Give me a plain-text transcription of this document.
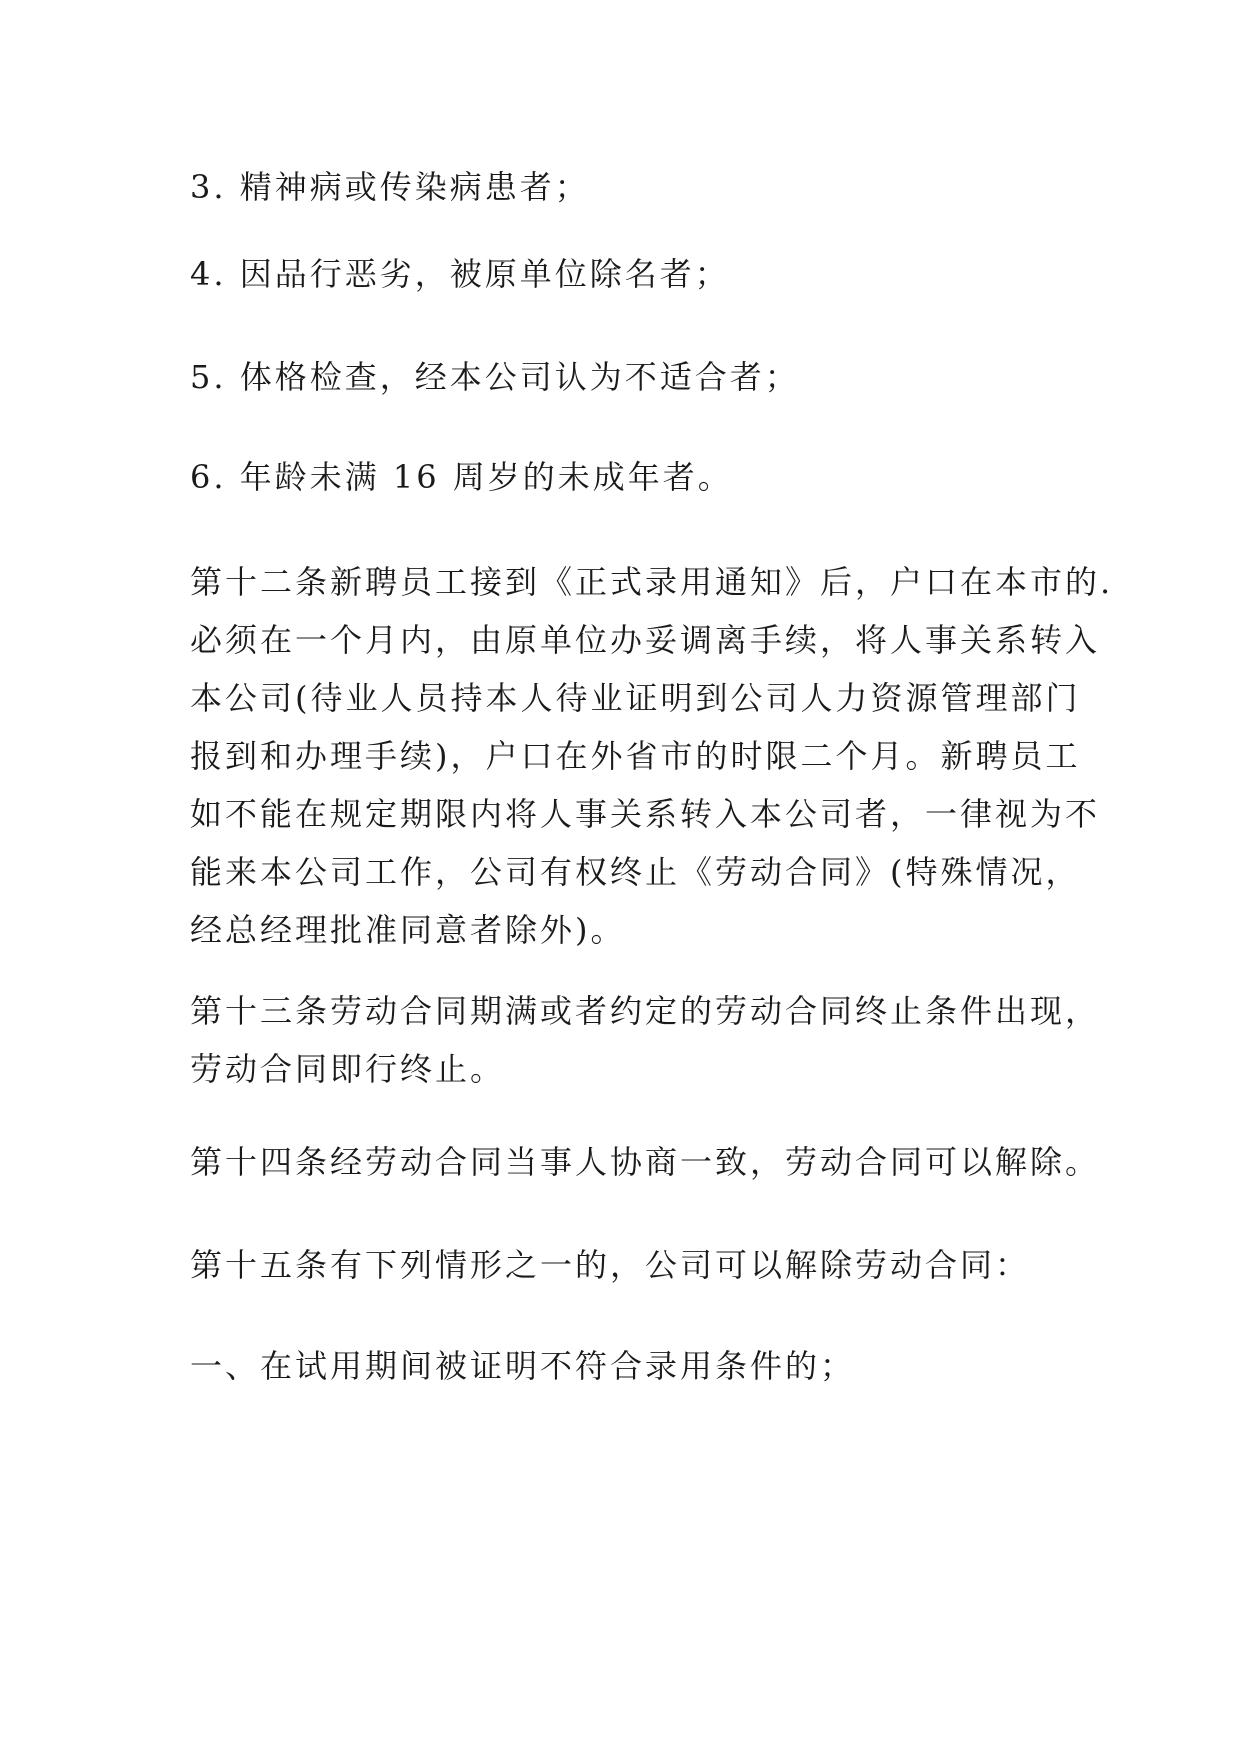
3. 精神病或传染病患者；

4. 因品行恶劣，被原单位除名者；

5. 体格检查，经本公司认为不适合者；

6. 年龄未满 16 周岁的未成年者。

第十二条新聘员工接到《正式录用通知》后，户口在本市的.
必须在一个月内，由原单位办妥调离手续，将人事关系转入
本公司(待业人员持本人待业证明到公司人力资源管理部门
报到和办理手续)，户口在外省市的时限二个月。新聘员工
如不能在规定期限内将人事关系转入本公司者，一律视为不
能来本公司工作，公司有权终止《劳动合同》(特殊情况，
经总经理批准同意者除外)。

第十三条劳动合同期满或者约定的劳动合同终止条件出现，
劳动合同即行终止。

第十四条经劳动合同当事人协商一致，劳动合同可以解除。

第十五条有下列情形之一的，公司可以解除劳动合同：

一、在试用期间被证明不符合录用条件的；
